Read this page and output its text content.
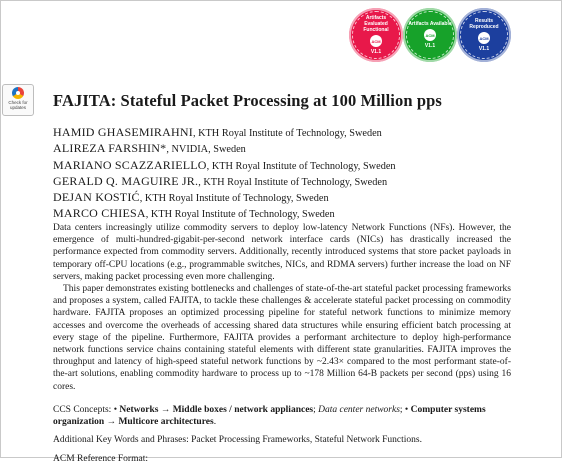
Artifacts Evaluated Functional
ACM
V1.1
Artifacts Available
ACM
V1.1
Results Reproduced
ACM
V1.1
Check for updates	FAJITA: Stateful Packet Processing at 100 Million pps
HAMID GHASEMIRAHNI, KTH Royal Institute of Technology, Sweden
ALIREZA FARSHIN*, NVIDIA, Sweden
MARIANO SCAZZARIELLO, KTH Royal Institute of Technology, Sweden
GERALD Q. MAGUIRE JR., KTH Royal Institute of Technology, Sweden
DEJAN KOSTIĆ, KTH Royal Institute of Technology, Sweden
MARCO CHIESA, KTH Royal Institute of Technology, Sweden

Data centers increasingly utilize commodity servers to deploy low-latency Network Functions (NFs). However, the emergence of multi-hundred-gigabit-per-second network interface cards (NICs) has drastically increased the performance expected from commodity servers. Additionally, recently introduced systems that store packet payloads in temporary off-CPU locations (e.g., programmable switches, NICs, and RDMA servers) further increase the load on NF servers, making packet processing even more challenging.

This paper demonstrates existing bottlenecks and challenges of state-of-the-art stateful packet processing frameworks and proposes a system, called FAJITA, to tackle these challenges & accelerate stateful packet processing on commodity hardware. FAJITA proposes an optimized processing pipeline for stateful network functions to minimize memory accesses and overcome the overheads of accessing shared data structures while ensuring efficient batch processing at every stage of the pipeline. Furthermore, FAJITA provides a performant architecture to deploy high-performance network functions service chains containing stateful elements with different state granularities. FAJITA improves the throughput and latency of high-speed stateful network functions by ~2.43× compared to the most performant state-of-the-art solutions, enabling commodity hardware to process up to ~178 Million 64-B packets per second (pps) using 16 cores.

CCS Concepts: • Networks → Middle boxes / network appliances; Data center networks; • Computer systems organization → Multicore architectures.

Additional Key Words and Phrases: Packet Processing Frameworks, Stateful Network Functions.

ACM Reference Format:
